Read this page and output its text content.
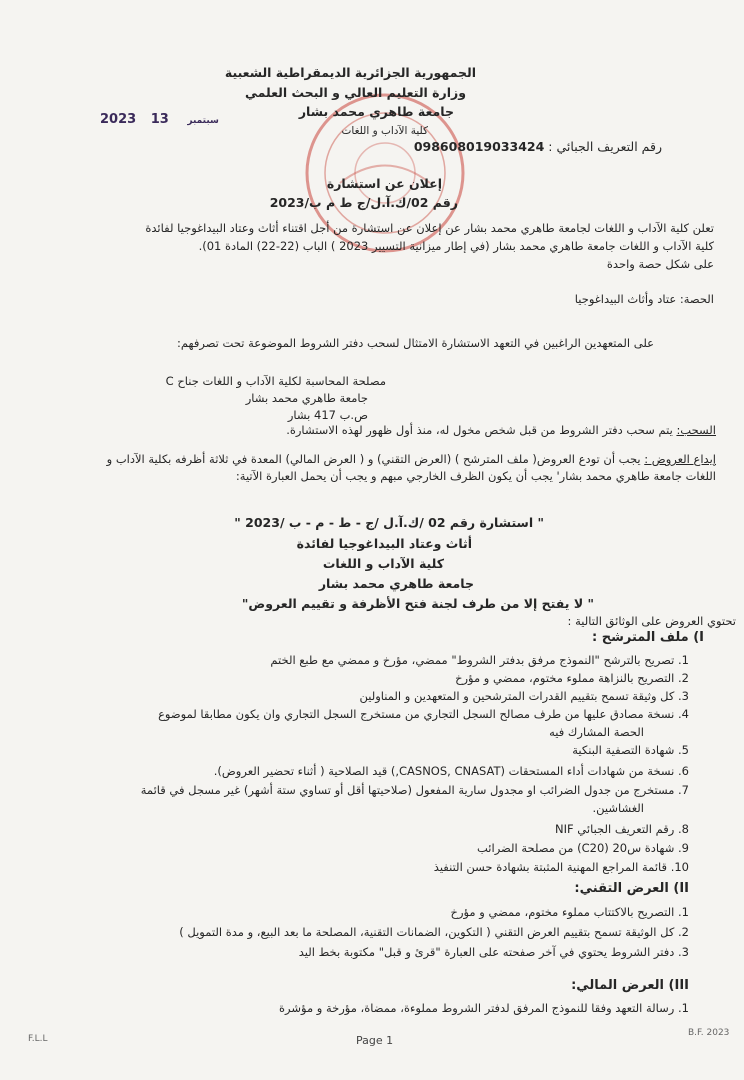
الجمهورية الجزائرية الديمقراطية الشعبية
وزارة التعليم العالي و البحث العلمي
جامعة طاهري محمد بشار
كلية الآداب و اللغات
2023	سبتمبر 13
رقم التعريف الجبائي : 098608019033424
إعلان عن استشارة
رقم 02/ك.آ.ل/ج ط م ب/2023
تعلن كلية الآداب و اللغات لجامعة طاهري محمد بشار عن إعلان عن استشارة من أجل اقتناء أثاث وعتاد البيداغوجيا لفائدة
كلية الآداب و اللغات جامعة طاهري محمد بشار (في إطار ميزانية التسيير 2023 ) الباب (22-22) المادة 01).
على شكل حصة واحدة
الحصة: عتاد وأثاث البيداغوجيا
على المتعهدين الراغبين في التعهد الاستشارة الامتثال لسحب دفتر الشروط الموضوعة تحت تصرفهم:
مصلحة المحاسبة لكلية الآداب و اللغات جناح C
جامعة طاهري محمد بشار
ص.ب 417 بشار
السحب: يتم سحب دفتر الشروط من قبل شخص مخول له، منذ أول ظهور لهذه الاستشارة.
إيداع العروض : يجب أن تودع العروض( ملف المترشح ) (العرض التقني) و ( العرض المالي) المعدة في ثلاثة أظرفه بكلية الآداب و
اللغات جامعة طاهري محمد بشار' يجب أن يكون الظرف الخارجي مبهم و يجب أن يحمل العبارة الآتية:
" استشارة رقم 02 /ك.آ.ل /ج - ط - م - ب /2023 "
أثاث وعتاد البيداغوجيا لفائدة
كلية الآداب و اللغات
جامعة طاهري محمد بشار
" لا يفتح إلا من طرف لجنة فتح الأظرفة و تقييم العروض"
تحتوي العروض على الوثائق التالية :
I) ملف المترشح :
1. تصريح بالترشح "النموذج مرفق بدفتر الشروط" ممضي، مؤرخ و ممضي مع طبع الختم
2. التصريح بالنزاهة مملوء مختوم، ممضي و مؤرخ
3. كل وثيقة تسمح بتقييم القدرات المترشحين و المتعهدين و المناولين
4. نسخة مصادق عليها من طرف مصالح السجل التجاري من مستخرج السجل التجاري وان يكون مطابقا لموضوع
الحصة المشارك فيه
5. شهادة التصفية البنكية
6. نسخة من شهادات أداء المستحقات (CASNOS, CNASAT,) قيد الصلاحية ( أثناء تحضير العروض).
7. مستخرج من جدول الضرائب او مجدول سارية المفعول (صلاحيتها أقل أو تساوي ستة أشهر) غير مسجل في قائمة
الغشاشين.
8. رقم التعريف الجبائي NIF
9. شهادة س20 (C20) من مصلحة الضرائب
10. قائمة المراجع المهنية المثبتة بشهادة حسن التنفيذ
II) العرض التقني:
1. التصريح بالاكتتاب مملوء مختوم، ممضي و مؤرخ
2. كل الوثيقة تسمح بتقييم العرض التقني ( التكوين، الضمانات التقنية، المصلحة ما بعد البيع، و مدة التمويل )
3. دفتر الشروط يحتوي في آخر صفحته على العبارة "قرئ و قبل" مكتوبة بخط اليد
III) العرض المالي:
1. رسالة التعهد وفقا للنموذج المرفق لدفتر الشروط مملوءة، ممضاة، مؤرخة و مؤشرة
F.L.L	Page 1
B.F. 2023
